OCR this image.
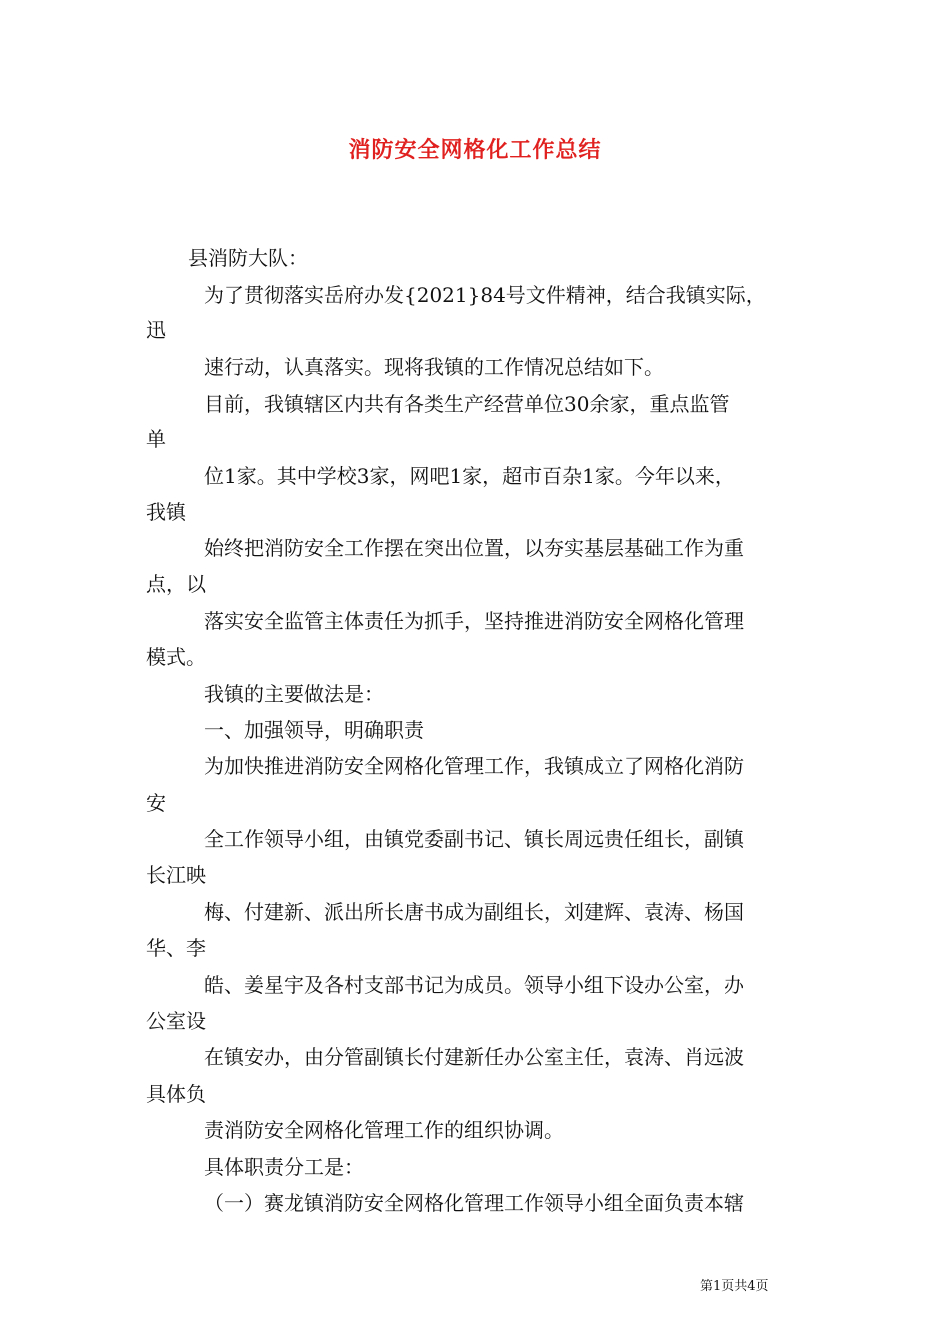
消防安全网格化工作总结
县消防大队：
为了贯彻落实岳府办发{2021}84号文件精神，结合我镇实际，
迅
速行动，认真落实。现将我镇的工作情况总结如下。
目前，我镇辖区内共有各类生产经营单位30余家，重点监管
单
位1家。其中学校3家，网吧1家，超市百杂1家。今年以来，
我镇
始终把消防安全工作摆在突出位置，以夯实基层基础工作为重
点，以
落实安全监管主体责任为抓手，坚持推进消防安全网格化管理
模式。
我镇的主要做法是：
一、加强领导，明确职责
为加快推进消防安全网格化管理工作，我镇成立了网格化消防
安
全工作领导小组，由镇党委副书记、镇长周远贵任组长，副镇
长江映
梅、付建新、派出所长唐书成为副组长，刘建辉、袁涛、杨国
华、李
皓、姜星宇及各村支部书记为成员。领导小组下设办公室，办
公室设
在镇安办，由分管副镇长付建新任办公室主任，袁涛、肖远波
具体负
责消防安全网格化管理工作的组织协调。
具体职责分工是：
（一）赛龙镇消防安全网格化管理工作领导小组全面负责本辖
第1页共4页
